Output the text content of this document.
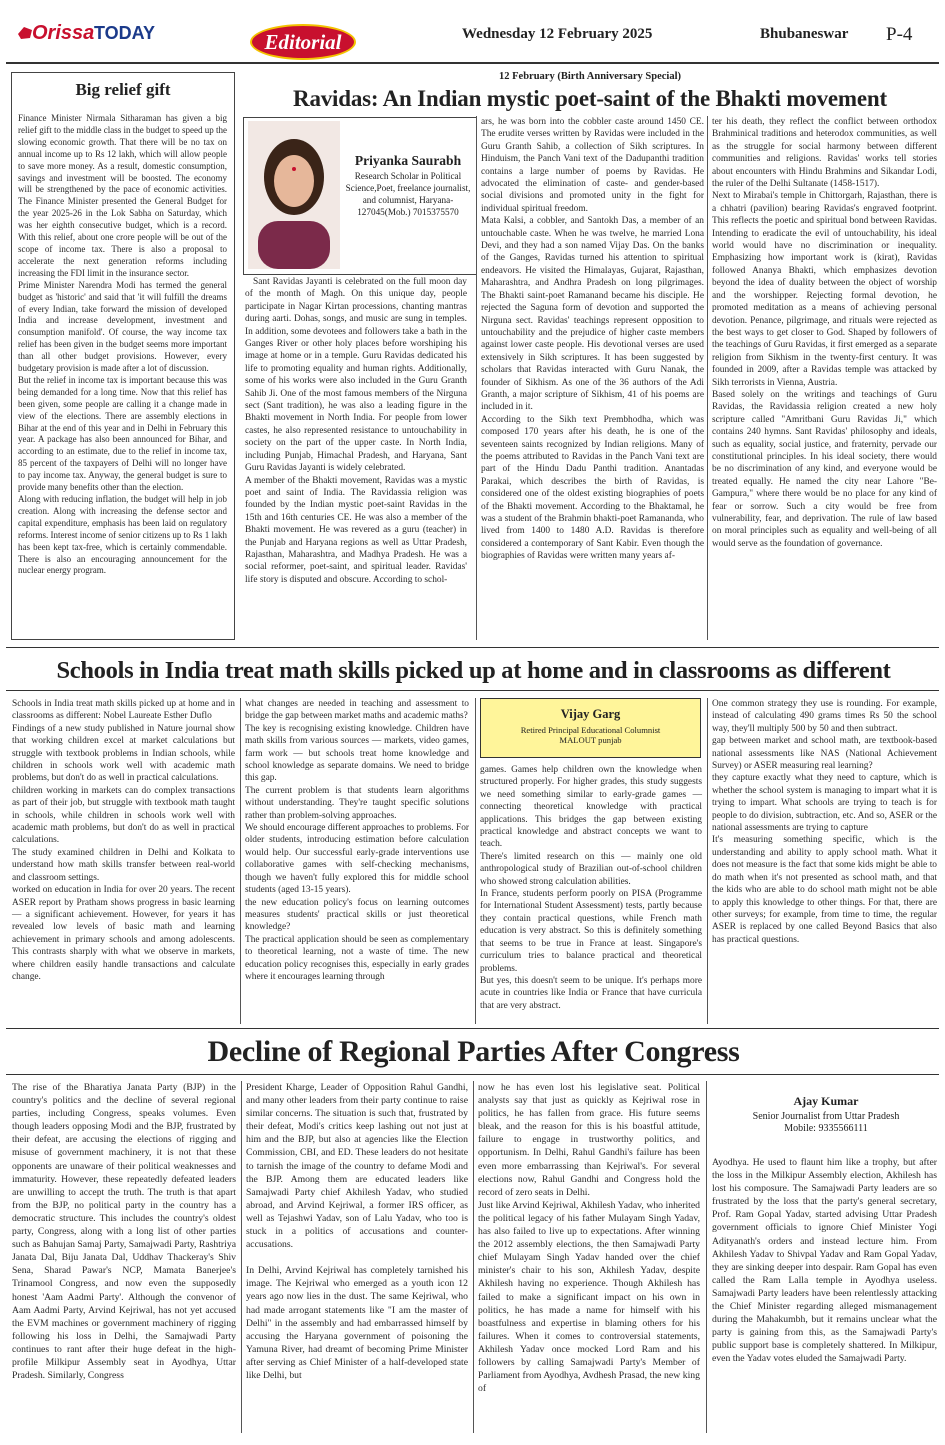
Orissa TODAY	Editorial	Wednesday 12 February 2025	Bhubaneswar P-4
Big relief gift

Finance Minister Nirmala Sitharaman has given a big relief gift to the middle class in the budget to speed up the slowing economic growth. That there will be no tax on annual income up to Rs 12 lakh, which will allow people to save more money. As a result, domestic consumption, savings and investment will be boosted. The economy will be strengthened by the pace of economic activities. The Finance Minister presented the General Budget for the year 2025-26 in the Lok Sabha on Saturday, which was her eighth consecutive budget, which is a record. With this relief, about one crore people will be out of the scope of income tax. There is also a proposal to accelerate the next generation reforms including increasing the FDI limit in the insurance sector.

Prime Minister Narendra Modi has termed the general budget as 'historic' and said that 'it will fulfill the dreams of every Indian, take forward the mission of developed India and increase development, investment and consumption manifold'. Of course, the way income tax relief has been given in the budget seems more important than all other budget provisions. However, every budgetary provision is made after a lot of discussion.

But the relief in income tax is important because this was being demanded for a long time. Now that this relief has been given, some people are calling it a change made in view of the elections. There are assembly elections in Bihar at the end of this year and in Delhi in February this year. A package has also been announced for Bihar, and according to an estimate, due to the relief in income tax, 85 percent of the taxpayers of Delhi will no longer have to pay income tax. Anyway, the general budget is sure to provide many benefits other than the election.

Along with reducing inflation, the budget will help in job creation. Along with increasing the defense sector and capital expenditure, emphasis has been laid on regulatory reforms. Interest income of senior citizens up to Rs 1 lakh has been kept tax-free, which is certainly commendable. There is also an encouraging announcement for the nuclear energy program.

12 February (Birth Anniversary Special)
Ravidas: An Indian mystic poet-saint of the Bhakti movement
Priyanka Saurabh
Research Scholar in Political Science,Poet, freelance journalist, and columnist, Haryana-127045(Mob.) 7015375570

Sant Ravidas Jayanti is celebrated on the full moon day of the month of Magh. On this unique day, people participate in Nagar Kirtan processions, chanting mantras during aarti. Dohas, songs, and music are sung in temples. In addition, some devotees and followers take a bath in the Ganges River or other holy places before worshiping his image at home or in a temple. Guru Ravidas dedicated his life to promoting equality and human rights. Additionally, some of his works were also included in the Guru Granth Sahib Ji. One of the most famous members of the Nirguna sect (Sant tradition), he was also a leading figure in the Bhakti movement in North India. For people from lower castes, he also represented resistance to untouchability in society on the part of the upper caste. In North India, including Punjab, Himachal Pradesh, and Haryana, Sant Guru Ravidas Jayanti is widely celebrated.

A member of the Bhakti movement, Ravidas was a mystic poet and saint of India. The Ravidassia religion was founded by the Indian mystic poet-saint Ravidas in the 15th and 16th centuries CE. He was also a member of the Bhakti movement. He was revered as a guru (teacher) in the Punjab and Haryana regions as well as Uttar Pradesh, Rajasthan, Maharashtra, and Madhya Pradesh. He was a social reformer, poet-saint, and spiritual leader. Ravidas' life story is disputed and obscure. According to schol-

ars, he was born into the cobbler caste around 1450 CE. The erudite verses written by Ravidas were included in the Guru Granth Sahib, a collection of Sikh scriptures. In Hinduism, the Panch Vani text of the Dadupanthi tradition contains a large number of poems by Ravidas. He advocated the elimination of caste- and gender-based social divisions and promoted unity in the fight for individual spiritual freedom.

Mata Kalsi, a cobbler, and Santokh Das, a member of an untouchable caste. When he was twelve, he married Lona Devi, and they had a son named Vijay Das. On the banks of the Ganges, Ravidas turned his attention to spiritual endeavors. He visited the Himalayas, Gujarat, Rajasthan, Maharashtra, and Andhra Pradesh on long pilgrimages. The Bhakti saint-poet Ramanand became his disciple. He rejected the Saguna form of devotion and supported the Nirguna sect. Ravidas' teachings represent opposition to untouchability and the prejudice of higher caste members against lower caste people. His devotional verses are used extensively in Sikh scriptures. It has been suggested by scholars that Ravidas interacted with Guru Nanak, the founder of Sikhism. As one of the 36 authors of the Adi Granth, a major scripture of Sikhism, 41 of his poems are included in it.

According to the Sikh text Prembhodha, which was composed 170 years after his death, he is one of the seventeen saints recognized by Indian religions. Many of the poems attributed to Ravidas in the Panch Vani text are part of the Hindu Dadu Panthi tradition. Anantadas Parakai, which describes the birth of Ravidas, is considered one of the oldest existing biographies of poets of the Bhakti movement. According to the Bhaktamal, he was a student of the Brahmin bhakti-poet Ramananda, who lived from 1400 to 1480 A.D. Ravidas is therefore considered a contemporary of Sant Kabir. Even though the biographies of Ravidas were written many years af-

ter his death, they reflect the conflict between orthodox Brahminical traditions and heterodox communities, as well as the struggle for social harmony between different communities and religions. Ravidas' works tell stories about encounters with Hindu Brahmins and Sikandar Lodi, the ruler of the Delhi Sultanate (1458-1517).

Next to Mirabai's temple in Chittorgarh, Rajasthan, there is a chhatri (pavilion) bearing Ravidas's engraved footprint. This reflects the poetic and spiritual bond between Ravidas. Intending to eradicate the evil of untouchability, his ideal world would have no discrimination or inequality. Emphasizing how important work is (kirat), Ravidas followed Ananya Bhakti, which emphasizes devotion beyond the idea of duality between the object of worship and the worshipper. Rejecting formal devotion, he promoted meditation as a means of achieving personal devotion. Penance, pilgrimage, and rituals were rejected as the best ways to get closer to God. Shaped by followers of the teachings of Guru Ravidas, it first emerged as a separate religion from Sikhism in the twenty-first century. It was founded in 2009, after a Ravidas temple was attacked by Sikh terrorists in Vienna, Austria.

Based solely on the writings and teachings of Guru Ravidas, the Ravidassia religion created a new holy scripture called "Amritbani Guru Ravidas Ji," which contains 240 hymns. Sant Ravidas' philosophy and ideals, such as equality, social justice, and fraternity, pervade our constitutional principles. In his ideal society, there would be no discrimination of any kind, and everyone would be treated equally. He named the city near Lahore "Be-Gampura," where there would be no place for any kind of fear or sorrow. Such a city would be free from vulnerability, fear, and deprivation. The rule of law based on moral principles such as equality and well-being of all would serve as the foundation of governance.

Schools in India treat math skills picked up at home and in classrooms as different

Schools in India treat math skills picked up at home and in classrooms as different: Nobel Laureate Esther Duflo

Findings of a new study published in Nature journal show that working children excel at market calculations but struggle with textbook problems in Indian schools, while children in schools work well with academic math problems, but don't do as well in practical calculations.

children working in markets can do complex transactions as part of their job, but struggle with textbook math taught in schools, while children in schools work well with academic math problems, but don't do as well in practical calculations.

The study examined children in Delhi and Kolkata to understand how math skills transfer between real-world and classroom settings.

worked on education in India for over 20 years. The recent ASER report by Pratham shows progress in basic learning — a significant achievement. However, for years it has revealed low levels of basic math and learning achievement in primary schools and among adolescents. This contrasts sharply with what we observe in markets, where children easily handle transactions and calculate change.

what changes are needed in teaching and assessment to bridge the gap between market maths and academic maths?

The key is recognising existing knowledge. Children have math skills from various sources — markets, video games, farm work — but schools treat home knowledge and school knowledge as separate domains. We need to bridge this gap.

The current problem is that students learn algorithms without understanding. They're taught specific solutions rather than problem-solving approaches.

We should encourage different approaches to problems. For older students, introducing estimation before calculation would help. Our successful early-grade interventions use collaborative games with self-checking mechanisms, though we haven't fully explored this for middle school students (aged 13-15 years).

the new education policy's focus on learning outcomes measures students' practical skills or just theoretical knowledge?

The practical application should be seen as complementary to theoretical learning, not a waste of time. The new education policy recognises this, especially in early grades where it encourages learning through

Vijay Garg
Retired Principal Educational Columnist
MALOUT punjab

games. Games help children own the knowledge when structured properly. For higher grades, this study suggests we need something similar to early-grade games — connecting theoretical knowledge with practical applications. This bridges the gap between existing practical knowledge and abstract concepts we want to teach.

There's limited research on this — mainly one old anthropological study of Brazilian out-of-school children who showed strong calculation abilities.

In France, students perform poorly on PISA (Programme for International Student Assessment) tests, partly because they contain practical questions, while French math education is very abstract. So this is definitely something that seems to be true in France at least. Singapore's curriculum tries to balance practical and theoretical problems.

But yes, this doesn't seem to be unique. It's perhaps more acute in countries like India or France that have curricula that are very abstract.

One common strategy they use is rounding. For example, instead of calculating 490 grams times Rs 50 the school way, they'll multiply 500 by 50 and then subtract.

gap between market and school math, are textbook-based national assessments like NAS (National Achievement Survey) or ASER measuring real learning?

they capture exactly what they need to capture, which is whether the school system is managing to impart what it is trying to impart. What schools are trying to teach is for people to do division, subtraction, etc. And so, ASER or the national assessments are trying to capture

It's measuring something specific, which is the understanding and ability to apply school math. What it does not measure is the fact that some kids might be able to do math when it's not presented as school math, and that the kids who are able to do school math might not be able to apply this knowledge to other things. For that, there are other surveys; for example, from time to time, the regular ASER is replaced by one called Beyond Basics that also has practical questions.

Decline of Regional Parties After Congress

The rise of the Bharatiya Janata Party (BJP) in the country's politics and the decline of several regional parties, including Congress, speaks volumes. Even though leaders opposing Modi and the BJP, frustrated by their defeat, are accusing the elections of rigging and misuse of government machinery, it is not that these opponents are unaware of their political weaknesses and immaturity. However, these repeatedly defeated leaders are unwilling to accept the truth. The truth is that apart from the BJP, no political party in the country has a democratic structure. This includes the country's oldest party, Congress, along with a long list of other parties such as Bahujan Samaj Party, Samajwadi Party, Rashtriya Janata Dal, Biju Janata Dal, Uddhav Thackeray's Shiv Sena, Sharad Pawar's NCP, Mamata Banerjee's Trinamool Congress, and now even the supposedly honest 'Aam Aadmi Party'. Although the convenor of Aam Aadmi Party, Arvind Kejriwal, has not yet accused the EVM machines or government machinery of rigging following his loss in Delhi, the Samajwadi Party continues to rant after their huge defeat in the high-profile Milkipur Assembly seat in Ayodhya, Uttar Pradesh. Similarly, Congress

President Kharge, Leader of Opposition Rahul Gandhi, and many other leaders from their party continue to raise similar concerns. The situation is such that, frustrated by their defeat, Modi's critics keep lashing out not just at him and the BJP, but also at agencies like the Election Commission, CBI, and ED. These leaders do not hesitate to tarnish the image of the country to defame Modi and the BJP. Among them are educated leaders like Samajwadi Party chief Akhilesh Yadav, who studied abroad, and Arvind Kejriwal, a former IRS officer, as well as Tejashwi Yadav, son of Lalu Yadav, who too is stuck in a politics of accusations and counter-accusations.

In Delhi, Arvind Kejriwal has completely tarnished his image. The Kejriwal who emerged as a youth icon 12 years ago now lies in the dust. The same Kejriwal, who had made arrogant statements like "I am the master of Delhi" in the assembly and had embarrassed himself by accusing the Haryana government of poisoning the Yamuna River, had dreamt of becoming Prime Minister after serving as Chief Minister of a half-developed state like Delhi, but

now he has even lost his legislative seat. Political analysts say that just as quickly as Kejriwal rose in politics, he has fallen from grace. His future seems bleak, and the reason for this is his boastful attitude, failure to engage in trustworthy politics, and opportunism. In Delhi, Rahul Gandhi's failure has been even more embarrassing than Kejriwal's. For several elections now, Rahul Gandhi and Congress hold the record of zero seats in Delhi.

Just like Arvind Kejriwal, Akhilesh Yadav, who inherited the political legacy of his father Mulayam Singh Yadav, has also failed to live up to expectations. After winning the 2012 assembly elections, the then Samajwadi Party chief Mulayam Singh Yadav handed over the chief minister's chair to his son, Akhilesh Yadav, despite Akhilesh having no experience. Though Akhilesh has failed to make a significant impact on his own in politics, he has made a name for himself with his boastfulness and expertise in blaming others for his failures. When it comes to controversial statements, Akhilesh Yadav once mocked Lord Ram and his followers by calling Samajwadi Party's Member of Parliament from Ayodhya, Avdhesh Prasad, the new king of

Ajay Kumar
Senior Journalist from Uttar Pradesh
Mobile: 9335566111

Ayodhya. He used to flaunt him like a trophy, but after the loss in the Milkipur Assembly election, Akhilesh has lost his composure. The Samajwadi Party leaders are so frustrated by the loss that the party's general secretary, Prof. Ram Gopal Yadav, started advising Uttar Pradesh government officials to ignore Chief Minister Yogi Adityanath's orders and instead lecture him. From Akhilesh Yadav to Shivpal Yadav and Ram Gopal Yadav, they are sinking deeper into despair. Ram Gopal has even called the Ram Lalla temple in Ayodhya useless. Samajwadi Party leaders have been relentlessly attacking the Chief Minister regarding alleged mismanagement during the Mahakumbh, but it remains unclear what the party is gaining from this, as the Samajwadi Party's public support base is completely shattered. In Milkipur, even the Yadav votes eluded the Samajwadi Party.
